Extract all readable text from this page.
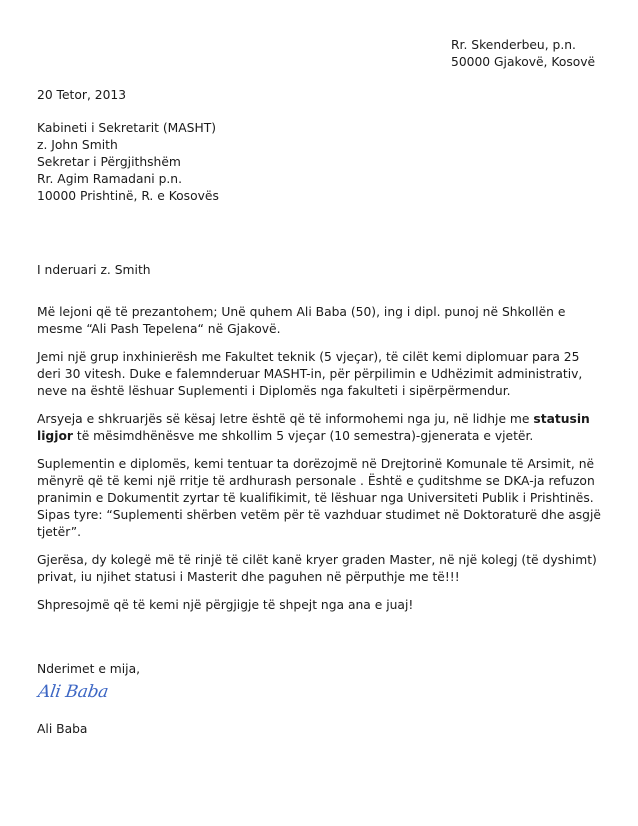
Rr. Skenderbeu, p.n.
50000 Gjakovë, Kosovë
20 Tetor, 2013
Kabineti i Sekretarit (MASHT)
z. John Smith
Sekretar i Përgjithshëm
Rr. Agim Ramadani p.n.
10000 Prishtinë, R. e Kosovës
I nderuari z. Smith

Më lejoni që të prezantohem; Unë quhem Ali Baba (50), ing i dipl. punoj në Shkollën e mesme “Ali Pash Tepelena“ në Gjakovë.

Jemi një grup inxhinierësh me Fakultet teknik (5 vjeçar), të cilët kemi diplomuar para 25 deri 30 vitesh. Duke e falemnderuar MASHT-in, për përpilimin e Udhëzimit administrativ, neve na është lëshuar Suplementi i Diplomës nga fakulteti i sipërpërmendur.

Arsyeja e shkruarjës së kësaj letre është që të informohemi nga ju, në lidhje me statusin ligjor të mësimdhënësve me shkollim 5 vjeçar (10 semestra)-gjenerata e vjetër.

Suplementin e diplomës, kemi tentuar ta dorëzojmë në Drejtorinë Komunale të Arsimit, në mënyrë që të kemi një rritje të ardhurash personale . Është e çuditshme se DKA-ja refuzon pranimin e Dokumentit zyrtar të kualifikimit, të lëshuar nga Universiteti Publik i Prishtinës. Sipas tyre: “Suplementi shërben vetëm për të vazhduar studimet në Doktoraturë dhe asgjë tjetër”.

Gjerësa, dy kolegë më të rinjë të cilët kanë kryer graden Master, në një kolegj (të dyshimt) privat, iu njihet statusi i Masterit dhe paguhen në përputhje me të!!!

Shpresojmë që të kemi një përgjigje të shpejt nga ana e juaj!

Nderimet e mija,
Ali Baba
Ali Baba
